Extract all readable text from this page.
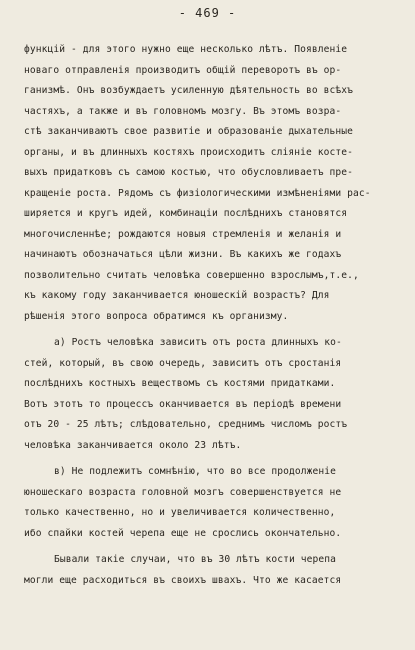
- 469 -
функцій - для этого нужно еще несколько лѣтъ. Появленіе
новаго отправленія производитъ общій переворотъ въ ор-
ганизмѣ. Онъ возбуждаетъ усиленную дѣятельность во всѣхъ
частяхъ, а также и въ головномъ мозгу. Въ этомъ возра-
стѣ заканчиваютъ свое развитіе и образованіе дыхательные
органы, и въ длинныхъ костяхъ происходитъ сліяніе косте-
выхъ придатковъ съ самою костью, что обусловливаетъ пре-
кращеніе роста. Рядомъ съ физіологическими измѣненіями рас-
ширяется и кругъ идей, комбинаціи послѣднихъ становятся
многочисленнѣе; рождаются новыя стремленія и желанія и
начинаютъ обозначаться цѣли жизни. Въ какихъ же годахъ
позволительно считать человѣка совершенно взрослымъ,т.е.,
къ какому году заканчивается юношескій возрастъ? Для
рѣшенія этого вопроса обратимся къ организму.
а) Ростъ человѣка зависитъ отъ роста длинныхъ ко-
стей, который, въ свою очередь, зависитъ отъ сростанія
послѣднихъ костныхъ веществомъ съ костями придатками.
Вотъ этотъ то процессъ оканчивается въ періодѣ времени
отъ 20 - 25 лѣтъ; слѣдовательно, среднимъ числомъ ростъ
человѣка заканчивается около 23 лѣтъ.
в) Не подлежитъ сомнѣнію, что во все продолженіе
юношескаго возраста головной мозгъ совершенствуется не
только качественно, но и увеличивается количественно,
ибо спайки костей черепа еще не срослись окончательно.
Бывали такіе случаи, что въ 30 лѣтъ кости черепа
могли еще расходиться въ своихъ швахъ. Что же касается
